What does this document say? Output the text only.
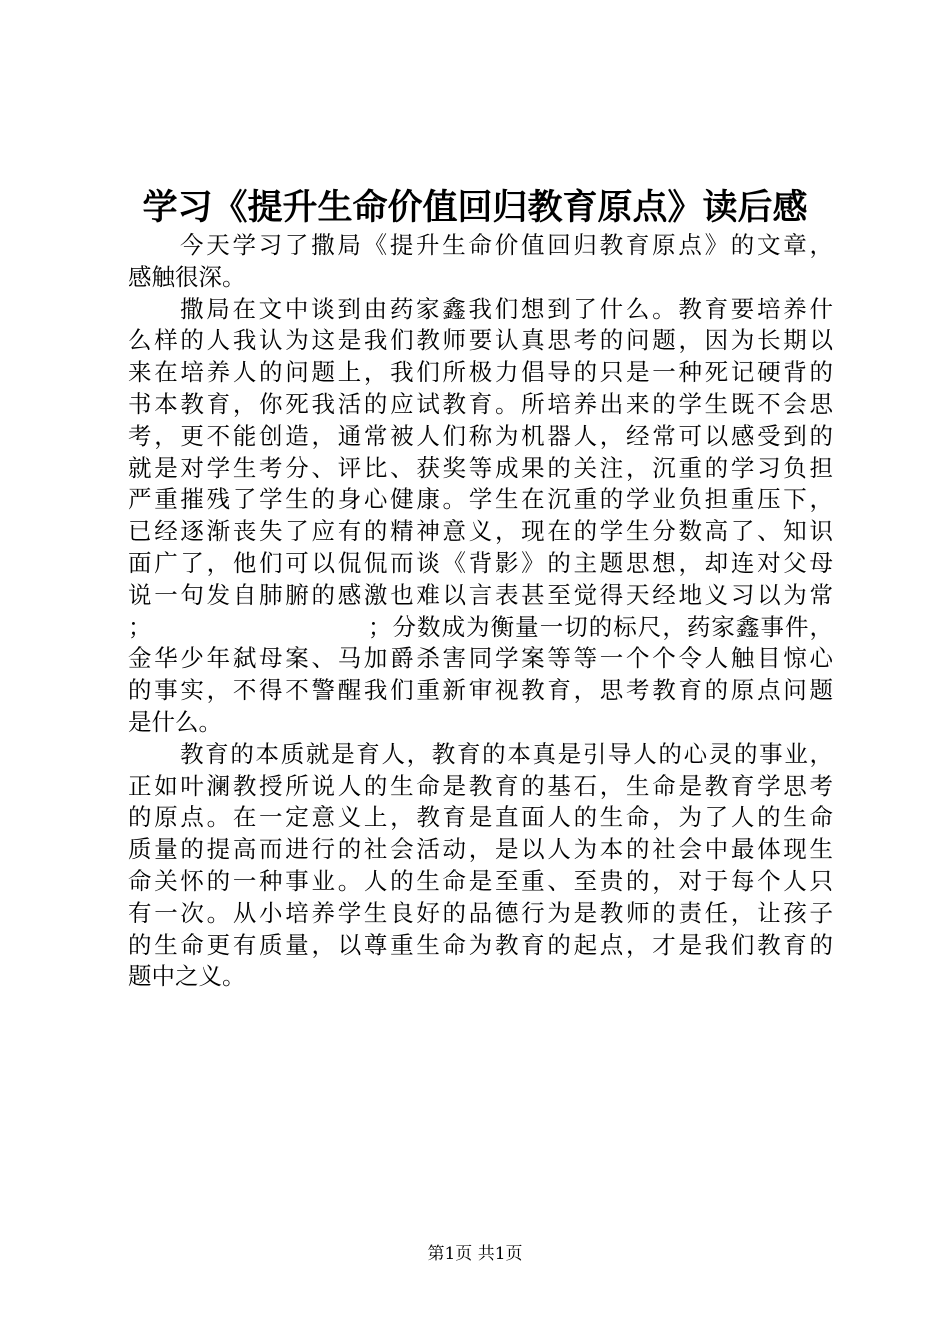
学习《提升生命价值回归教育原点》读后感
今天学习了撒局《提升生命价值回归教育原点》的文章，
感触很深。
撒局在文中谈到由药家鑫我们想到了什么。教育要培养什
么样的人我认为这是我们教师要认真思考的问题，因为长期以
来在培养人的问题上，我们所极力倡导的只是一种死记硬背的
书本教育，你死我活的应试教育。所培养出来的学生既不会思
考，更不能创造，通常被人们称为机器人，经常可以感受到的
就是对学生考分、评比、获奖等成果的关注，沉重的学习负担
严重摧残了学生的身心健康。学生在沉重的学业负担重压下，
已经逐渐丧失了应有的精神意义，现在的学生分数高了、知识
面广了，他们可以侃侃而谈《背影》的主题思想，却连对父母
说一句发自肺腑的感激也难以言表甚至觉得天经地义习以为常
；	；分数成为衡量一切的标尺，药家鑫事件，
金华少年弑母案、马加爵杀害同学案等等一个个令人触目惊心
的事实，不得不警醒我们重新审视教育，思考教育的原点问题
是什么。
教育的本质就是育人，教育的本真是引导人的心灵的事业，
正如叶澜教授所说人的生命是教育的基石，生命是教育学思考
的原点。在一定意义上，教育是直面人的生命，为了人的生命
质量的提高而进行的社会活动，是以人为本的社会中最体现生
命关怀的一种事业。人的生命是至重、至贵的，对于每个人只
有一次。从小培养学生良好的品德行为是教师的责任，让孩子
的生命更有质量，以尊重生命为教育的起点，才是我们教育的
题中之义。
第1页 共1页
